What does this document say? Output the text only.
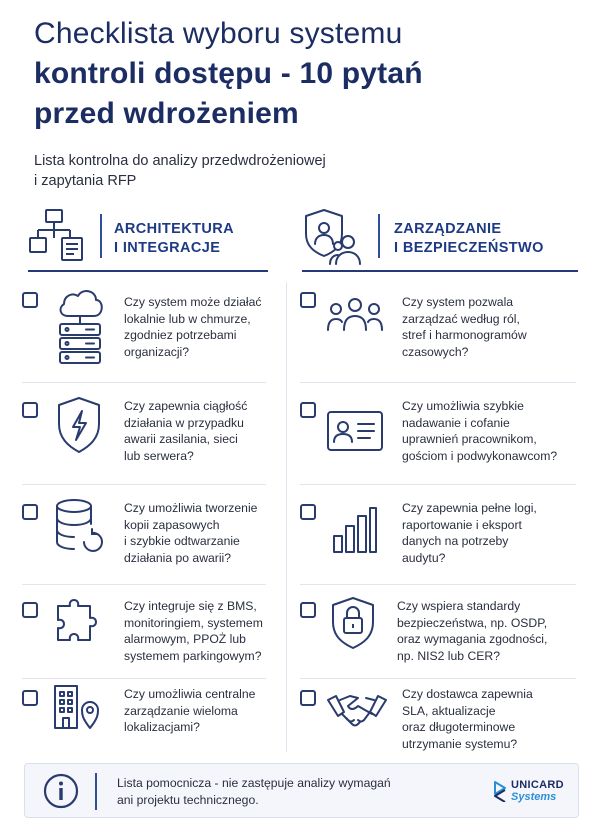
Checklista wyboru systemu
kontroli dostępu - 10 pytań
przed wdrożeniem
Lista kontrolna do analizy przedwdrożeniowej
i zapytania RFP
ARCHITEKTURA
I INTEGRACJE
ZARZĄDZANIE
I BEZPIECZEŃSTWO
Czy system może działać
lokalnie lub w chmurze,
zgodniez potrzebami
organizacji?
Czy zapewnia ciągłość
działania w przypadku
awarii zasilania, sieci
lub serwera?
Czy umożliwia tworzenie
kopii zapasowych
i szybkie odtwarzanie
działania po awarii?
Czy integruje się z BMS,
monitoringiem, systemem
alarmowym, PPOŻ lub
systemem parkingowym?
Czy umożliwia centralne
zarządzanie wieloma
lokalizacjami?
Czy system pozwala
zarządzać według ról,
stref i harmonogramów
czasowych?
Czy umożliwia szybkie
nadawanie i cofanie
uprawnień pracownikom,
gościom i podwykonawcom?
Czy zapewnia pełne logi,
raportowanie i eksport
danych na potrzeby
audytu?
Czy wspiera standardy
bezpieczeństwa, np. OSDP,
oraz wymagania zgodności,
np. NIS2 lub CER?
Czy dostawca zapewnia
SLA, aktualizacje
oraz długoterminowe
utrzymanie systemu?
Lista pomocnicza - nie zastępuje analizy wymagań
ani projektu technicznego.
UNICARD
Systems
